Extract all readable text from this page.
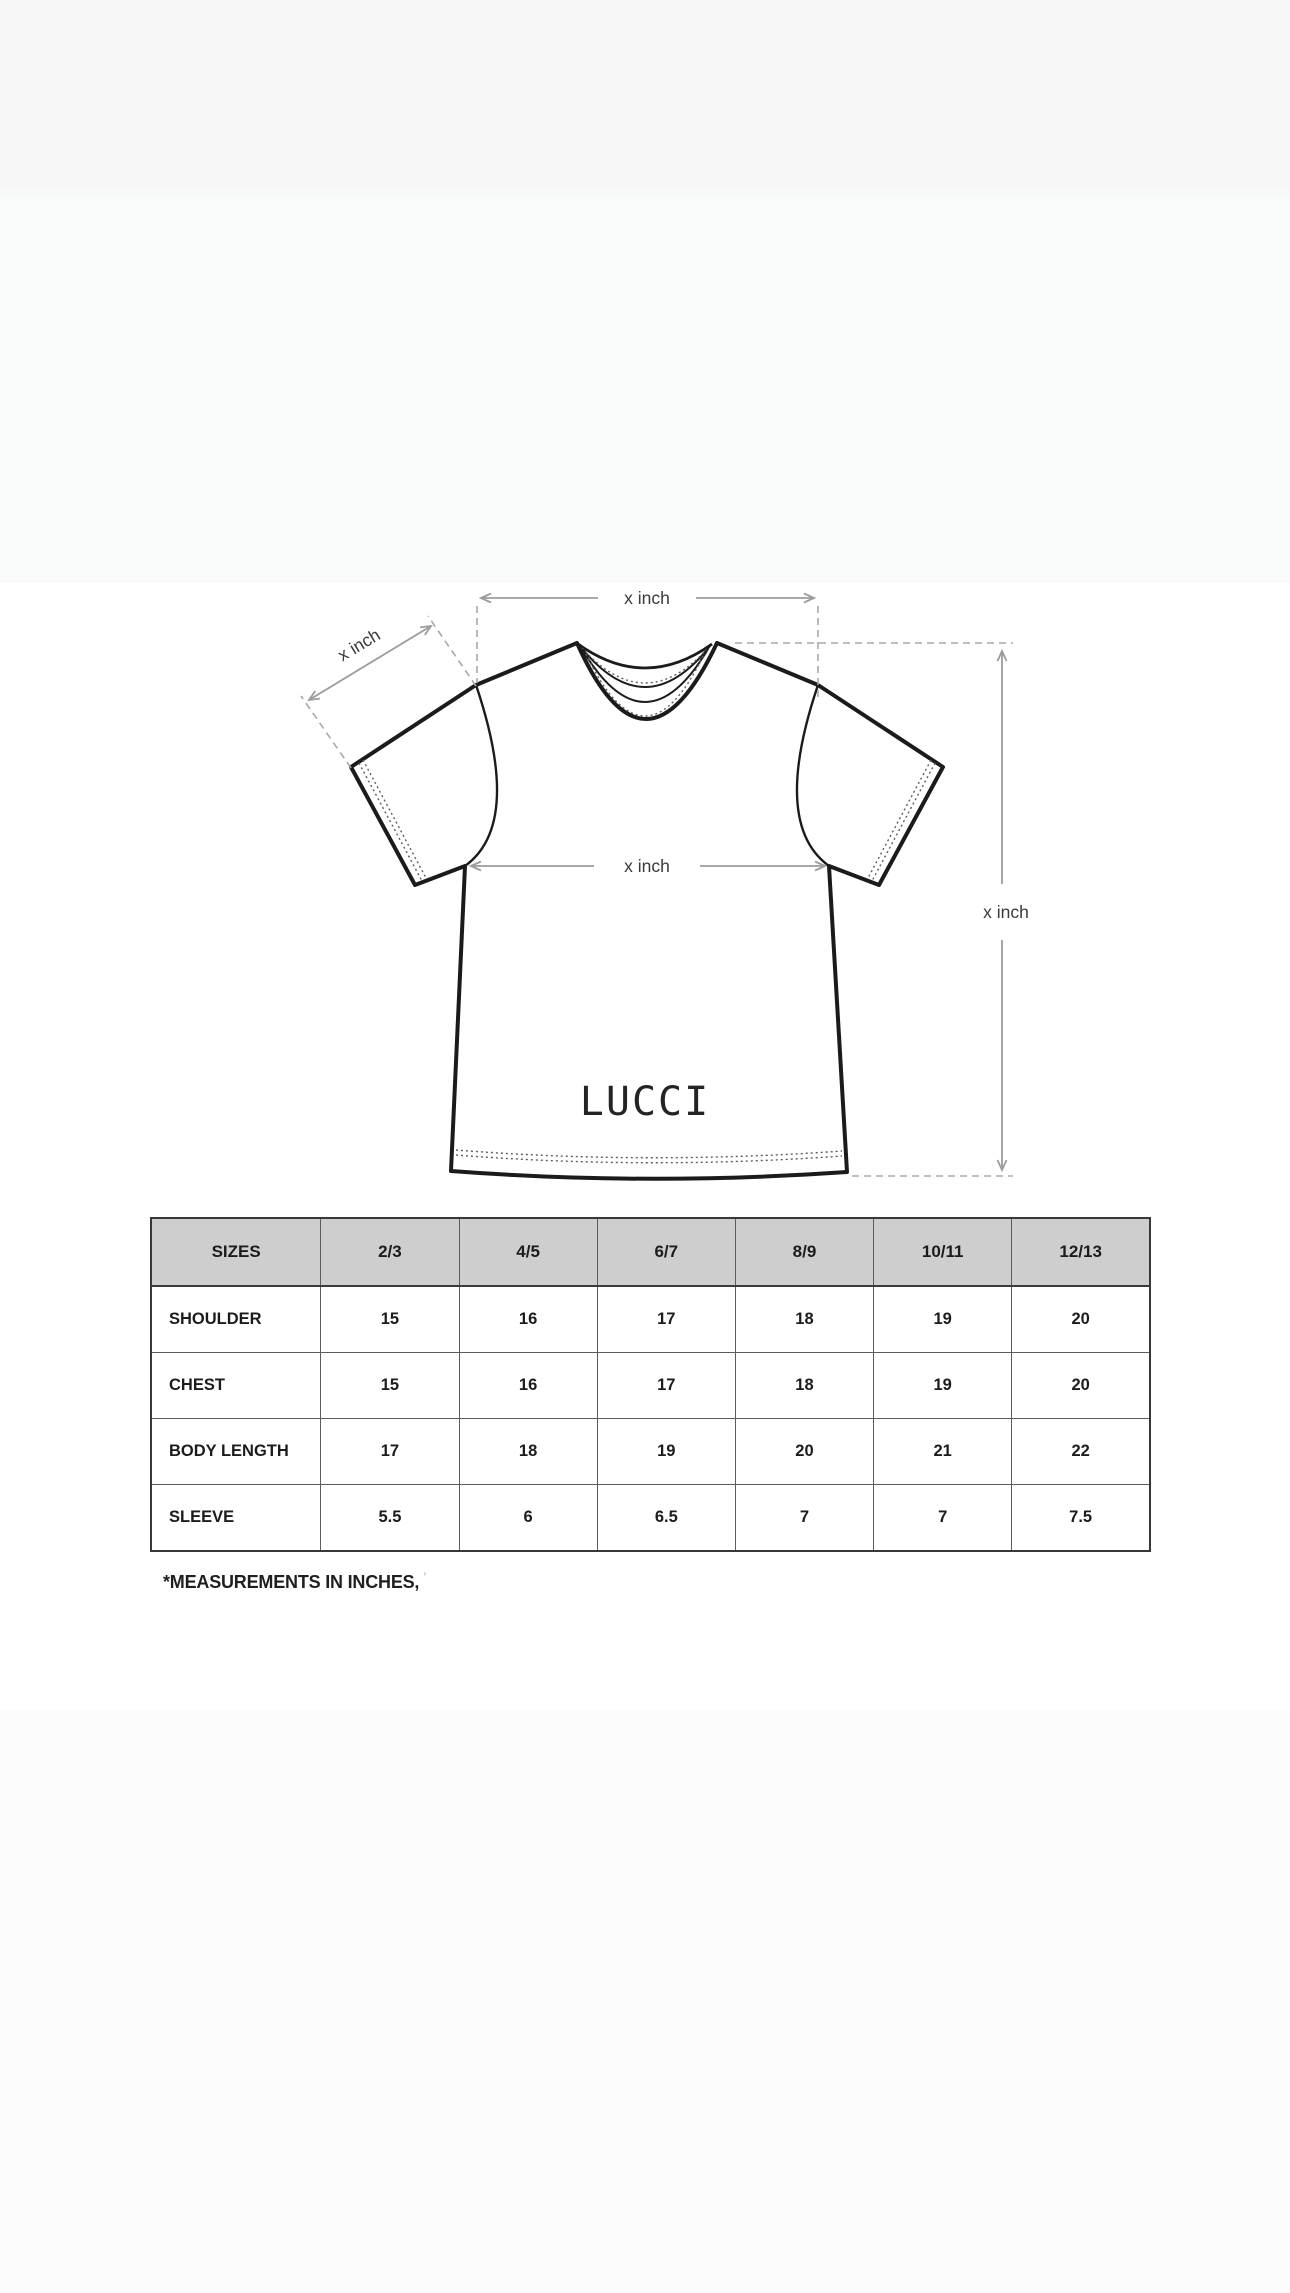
LUCCI
x inch
x inch
x inch
x inch
SIZES	2/3	4/5	6/7	8/9	10/11	12/13
SHOULDER	15	16	17	18	19	20
CHEST	15	16	17	18	19	20
BODY LENGTH	17	18	19	20	21	22
SLEEVE	5.5	6	6.5	7	7	7.5
*MEASUREMENTS IN INCHES, ’
